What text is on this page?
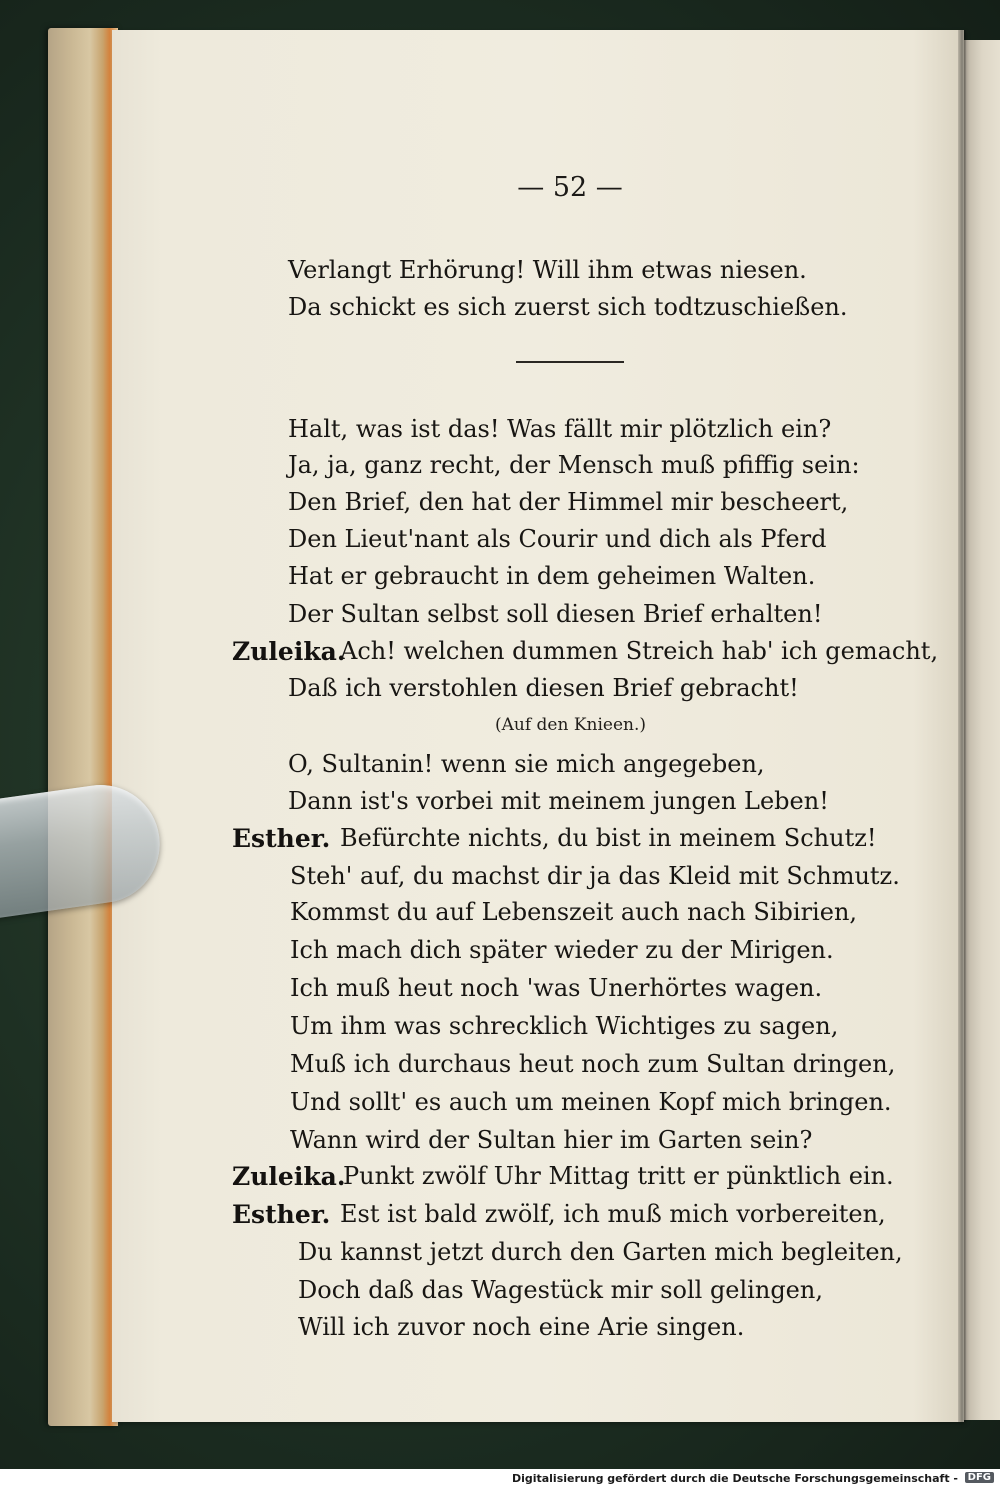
— 52 —
Verlangt Erhörung! Will ihm etwas niesen.
Da schickt es sich zuerst sich todtzuschießen.
Halt, was ist das! Was fällt mir plötzlich ein?
Ja, ja, ganz recht, der Mensch muß pfiffig sein:
Den Brief, den hat der Himmel mir bescheert,
Den Lieut'nant als Courir und dich als Pferd
Hat er gebraucht in dem geheimen Walten.
Der Sultan selbst soll diesen Brief erhalten!
Zuleika.
Ach! welchen dummen Streich hab' ich gemacht,
Daß ich verstohlen diesen Brief gebracht!
(Auf den Knieen.)
O, Sultanin! wenn sie mich angegeben,
Dann ist's vorbei mit meinem jungen Leben!
Esther. Befürchte nichts, du bist in meinem Schutz!
Steh' auf, du machst dir ja das Kleid mit Schmutz.
Kommst du auf Lebenszeit auch nach Sibirien,
Ich mach dich später wieder zu der Mirigen.
Ich muß heut noch 'was Unerhörtes wagen.
Um ihm was schrecklich Wichtiges zu sagen,
Muß ich durchaus heut noch zum Sultan dringen,
Und sollt' es auch um meinen Kopf mich bringen.
Wann wird der Sultan hier im Garten sein?
Zuleika.
Punkt zwölf Uhr Mittag tritt er pünktlich ein.
Esther. Est ist bald zwölf, ich muß mich vorbereiten,
Du kannst jetzt durch den Garten mich begleiten,
Doch daß das Wagestück mir soll gelingen,
Will ich zuvor noch eine Arie singen.
Digitalisierung gefördert durch die Deutsche Forschungsgemeinschaft - DFG
